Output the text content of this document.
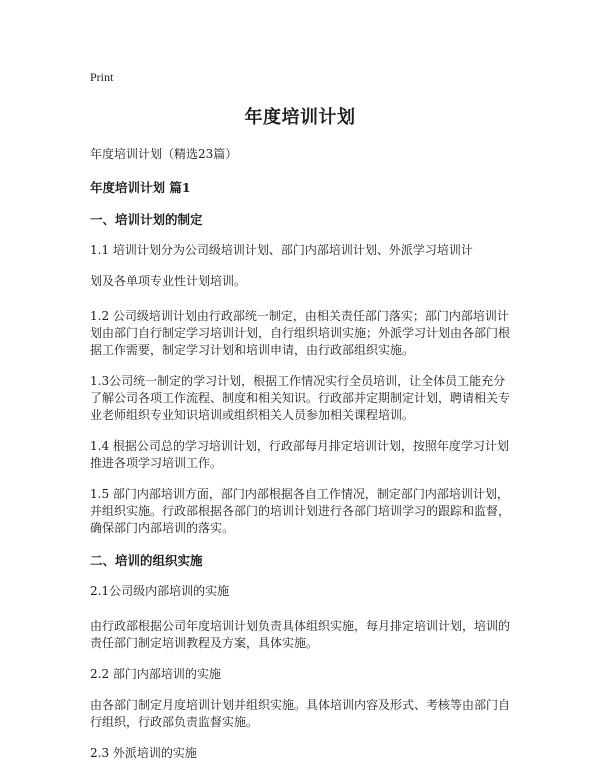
Print
年度培训计划
年度培训计划（精选23篇）
年度培训计划 篇1
一、培训计划的制定
1.1 培训计划分为公司级培训计划、部门内部培训计划、外派学习培训计
划及各单项专业性计划培训。
1.2 公司级培训计划由行政部统一制定，由相关责任部门落实；部门内部培训计划由部门自行制定学习培训计划，自行组织培训实施；外派学习计划由各部门根据工作需要，制定学习计划和培训申请，由行政部组织实施。
1.3公司统一制定的学习计划，根据工作情况实行全员培训，让全体员工能充分了解公司各项工作流程、制度和相关知识。行政部并定期制定计划，聘请相关专业老师组织专业知识培训或组织相关人员参加相关课程培训。
1.4 根据公司总的学习培训计划，行政部每月排定培训计划，按照年度学习计划推进各项学习培训工作。
1.5 部门内部培训方面，部门内部根据各自工作情况，制定部门内部培训计划，并组织实施。行政部根据各部门的培训计划进行各部门培训学习的跟踪和监督，确保部门内部培训的落实。
二、培训的组织实施
2.1公司级内部培训的实施
由行政部根据公司年度培训计划负责具体组织实施，每月排定培训计划，培训的责任部门制定培训教程及方案，具体实施。
2.2 部门内部培训的实施
由各部门制定月度培训计划并组织实施。具体培训内容及形式、考核等由部门自行组织，行政部负责监督实施。
2.3 外派培训的实施
